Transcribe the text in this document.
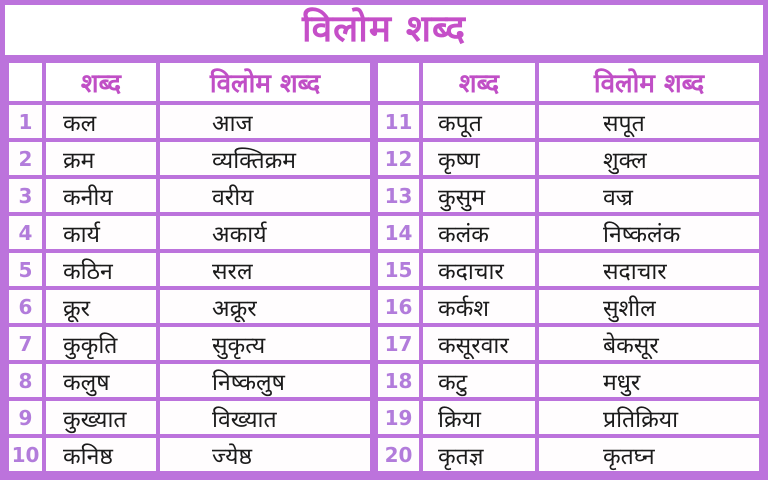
विलोम शब्द
	शब्द	विलोम शब्द
1	कल	आज
2	क्रम	व्यक्तिक्रम
3	कनीय	वरीय
4	कार्य	अकार्य
5	कठिन	सरल
6	क्रूर	अक्रूर
7	कुकृति	सुकृत्य
8	कलुष	निष्कलुष
9	कुख्यात	विख्यात
10	कनिष्ठ	ज्येष्ठ
	शब्द	विलोम शब्द
11	कपूत	सपूत
12	कृष्ण	शुक्ल
13	कुसुम	वज्र
14	कलंक	निष्कलंक
15	कदाचार	सदाचार
16	कर्कश	सुशील
17	कसूरवार	बेकसूर
18	कटु	मधुर
19	क्रिया	प्रतिक्रिया
20	कृतज्ञ	कृतघ्न
